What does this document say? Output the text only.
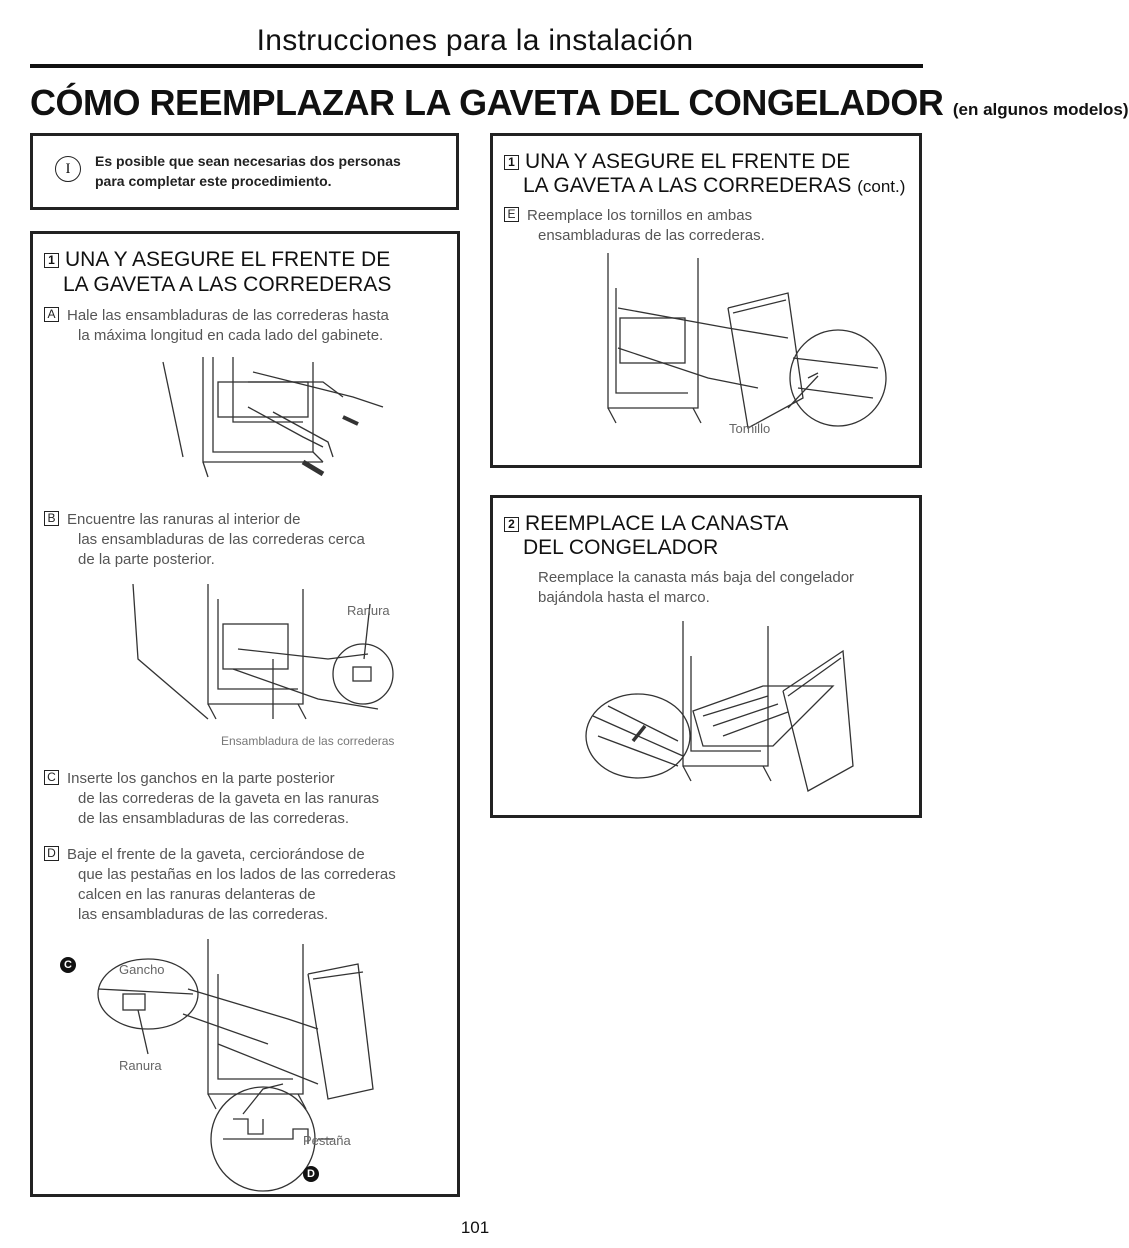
Instrucciones para la instalación
CÓMO REEMPLAZAR LA GAVETA DEL CONGELADOR (en algunos modelos)
I	Es posible que sean necesarias dos personas
para completar este procedimiento.
1 UNA Y ASEGURE EL FRENTE DE
LA GAVETA A LAS CORREDERAS
A Hale las ensambladuras de las correderas hasta
la máxima longitud en cada lado del gabinete.
B Encuentre las ranuras al interior de
las ensambladuras de las correderas cerca
de la parte posterior.
Ranura
Ensambladura de las correderas
C Inserte los ganchos en la parte posterior
de las correderas de la gaveta en las ranuras
de las ensambladuras de las correderas.
D Baje el frente de la gaveta, cerciorándose de
que las pestañas en los lados de las correderas
calcen en las ranuras delanteras de
las ensambladuras de las correderas.
C	Gancho
Ranura
Pestaña
D
1 UNA Y ASEGURE EL FRENTE DE
LA GAVETA A LAS CORREDERAS (cont.)
E Reemplace los tornillos en ambas
ensambladuras de las correderas.
Tornillo
2 REEMPLACE LA CANASTA
DEL CONGELADOR
Reemplace la canasta más baja del congelador
bajándola hasta el marco.
101
